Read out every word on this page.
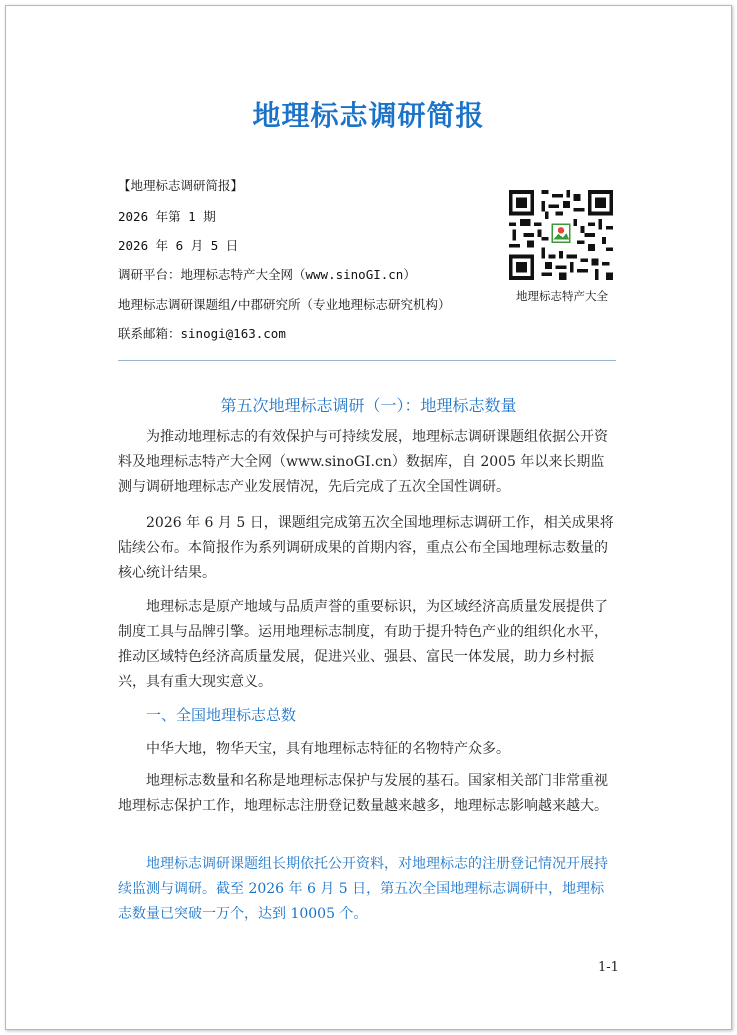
地理标志调研简报
【地理标志调研简报】
2026 年第 1 期
2026 年 6 月 5 日
调研平台：地理标志特产大全网（www.sinoGI.cn）
地理标志调研课题组/中郡研究所（专业地理标志研究机构）
联系邮箱：sinogi@163.com
地理标志特产大全
第五次地理标志调研（一）：地理标志数量
为推动地理标志的有效保护与可持续发展，地理标志调研课题组依据公开资料及地理标志特产大全网（www.sinoGI.cn）数据库，自 2005 年以来长期监测与调研地理标志产业发展情况，先后完成了五次全国性调研。
2026 年 6 月 5 日，课题组完成第五次全国地理标志调研工作，相关成果将陆续公布。本简报作为系列调研成果的首期内容，重点公布全国地理标志数量的核心统计结果。
地理标志是原产地域与品质声誉的重要标识，为区域经济高质量发展提供了制度工具与品牌引擎。运用地理标志制度，有助于提升特色产业的组织化水平，推动区域特色经济高质量发展，促进兴业、强县、富民一体发展，助力乡村振兴，具有重大现实意义。
一、全国地理标志总数
中华大地，物华天宝，具有地理标志特征的名物特产众多。
地理标志数量和名称是地理标志保护与发展的基石。国家相关部门非常重视地理标志保护工作，地理标志注册登记数量越来越多，地理标志影响越来越大。
地理标志调研课题组长期依托公开资料，对地理标志的注册登记情况开展持续监测与调研。截至 2026 年 6 月 5 日，第五次全国地理标志调研中，地理标志数量已突破一万个，达到 10005 个。
1-1
